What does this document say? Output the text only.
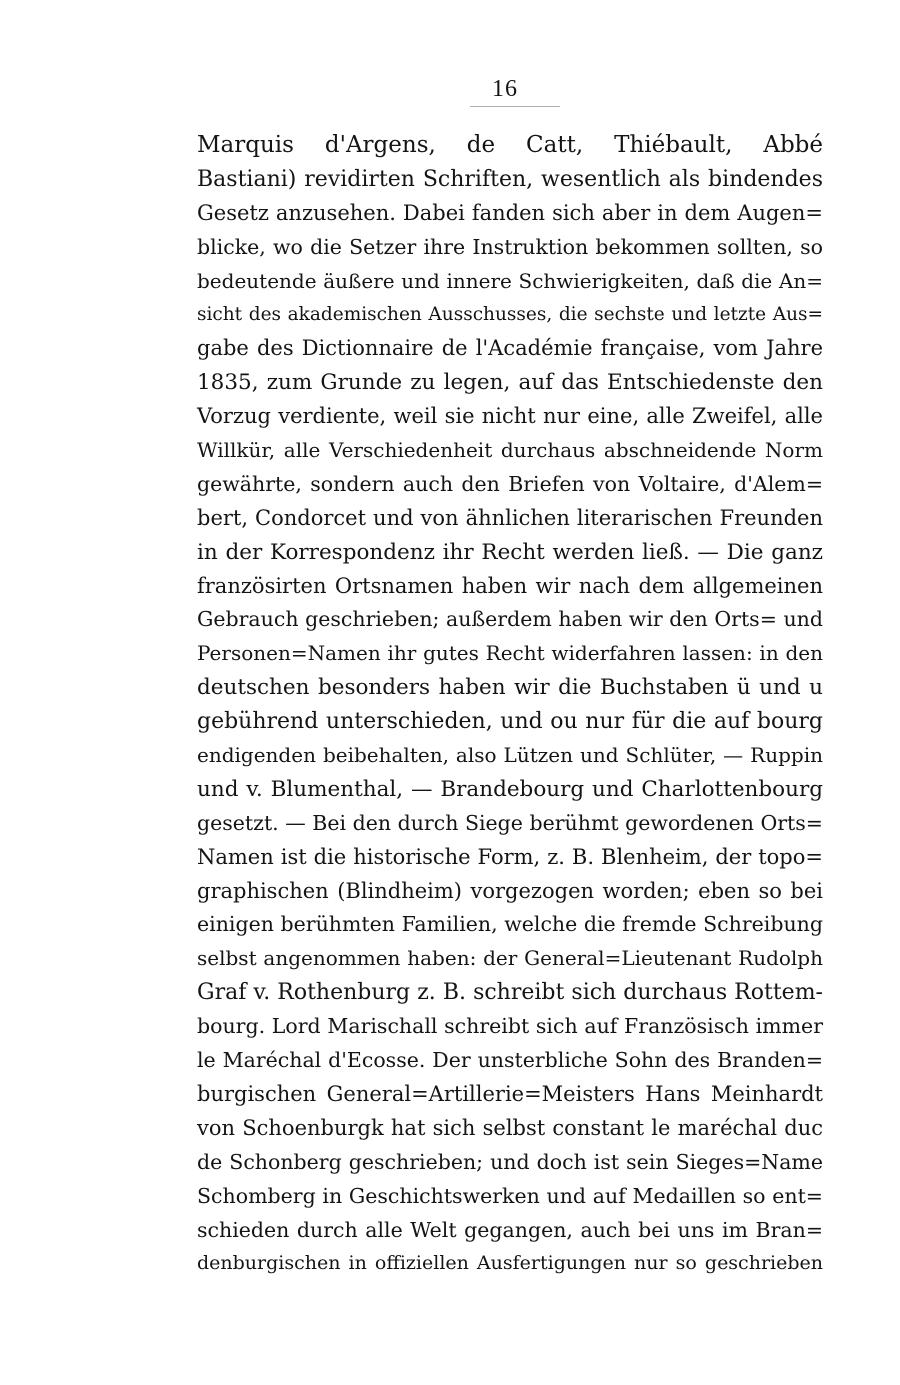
16
Marquis d'Argens, de Catt, Thiébault, Abbé
Bastiani) revidirten Schriften, wesentlich als bindendes
Gesetz anzusehen. Dabei fanden sich aber in dem Augen=
blicke, wo die Setzer ihre Instruktion bekommen sollten, so
bedeutende äußere und innere Schwierigkeiten, daß die An=
sicht des akademischen Ausschusses, die sechste und letzte Aus=
gabe des Dictionnaire de l'Académie française, vom Jahre
1835, zum Grunde zu legen, auf das Entschiedenste den
Vorzug verdiente, weil sie nicht nur eine, alle Zweifel, alle
Willkür, alle Verschiedenheit durchaus abschneidende Norm
gewährte, sondern auch den Briefen von Voltaire, d'Alem=
bert, Condorcet und von ähnlichen literarischen Freunden
in der Korrespondenz ihr Recht werden ließ. — Die ganz
französirten Ortsnamen haben wir nach dem allgemeinen
Gebrauch geschrieben; außerdem haben wir den Orts= und
Personen=Namen ihr gutes Recht widerfahren lassen: in den
deutschen besonders haben wir die Buchstaben ü und u
gebührend unterschieden, und ou nur für die auf bourg
endigenden beibehalten, also Lützen und Schlüter, — Ruppin
und v. Blumenthal, — Brandebourg und Charlottenbourg
gesetzt. — Bei den durch Siege berühmt gewordenen Orts=
Namen ist die historische Form, z. B. Blenheim, der topo=
graphischen (Blindheim) vorgezogen worden; eben so bei
einigen berühmten Familien, welche die fremde Schreibung
selbst angenommen haben: der General=Lieutenant Rudolph
Graf v. Rothenburg z. B. schreibt sich durchaus Rottem-
bourg. Lord Marischall schreibt sich auf Französisch immer
le Maréchal d'Ecosse. Der unsterbliche Sohn des Branden=
burgischen General=Artillerie=Meisters Hans Meinhardt
von Schoenburgk hat sich selbst constant le maréchal duc
de Schonberg geschrieben; und doch ist sein Sieges=Name
Schomberg in Geschichtswerken und auf Medaillen so ent=
schieden durch alle Welt gegangen, auch bei uns im Bran=
denburgischen in offiziellen Ausfertigungen nur so geschrieben
